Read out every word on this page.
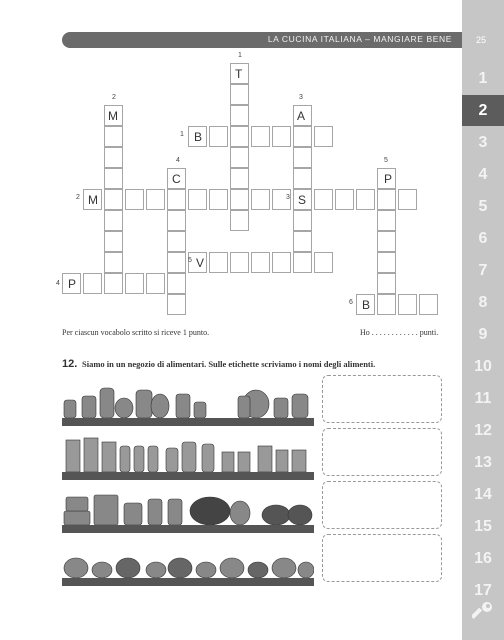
LA CUCINA ITALIANA – MANGIARE BENE	25
1
2
3
4
5
6
7
8
9
10
11
12
13
14
15
16
17
1
2	3
4	5
1
2	3
4
5
6
T
M	A
B
C	P
M	S
V
P
B
Per ciascun vocabolo scritto si riceve 1 punto.	Ho . . . . . . . . . . . . punti.
12. Siamo in un negozio di alimentari. Sulle etichette scriviamo i nomi degli alimenti.
